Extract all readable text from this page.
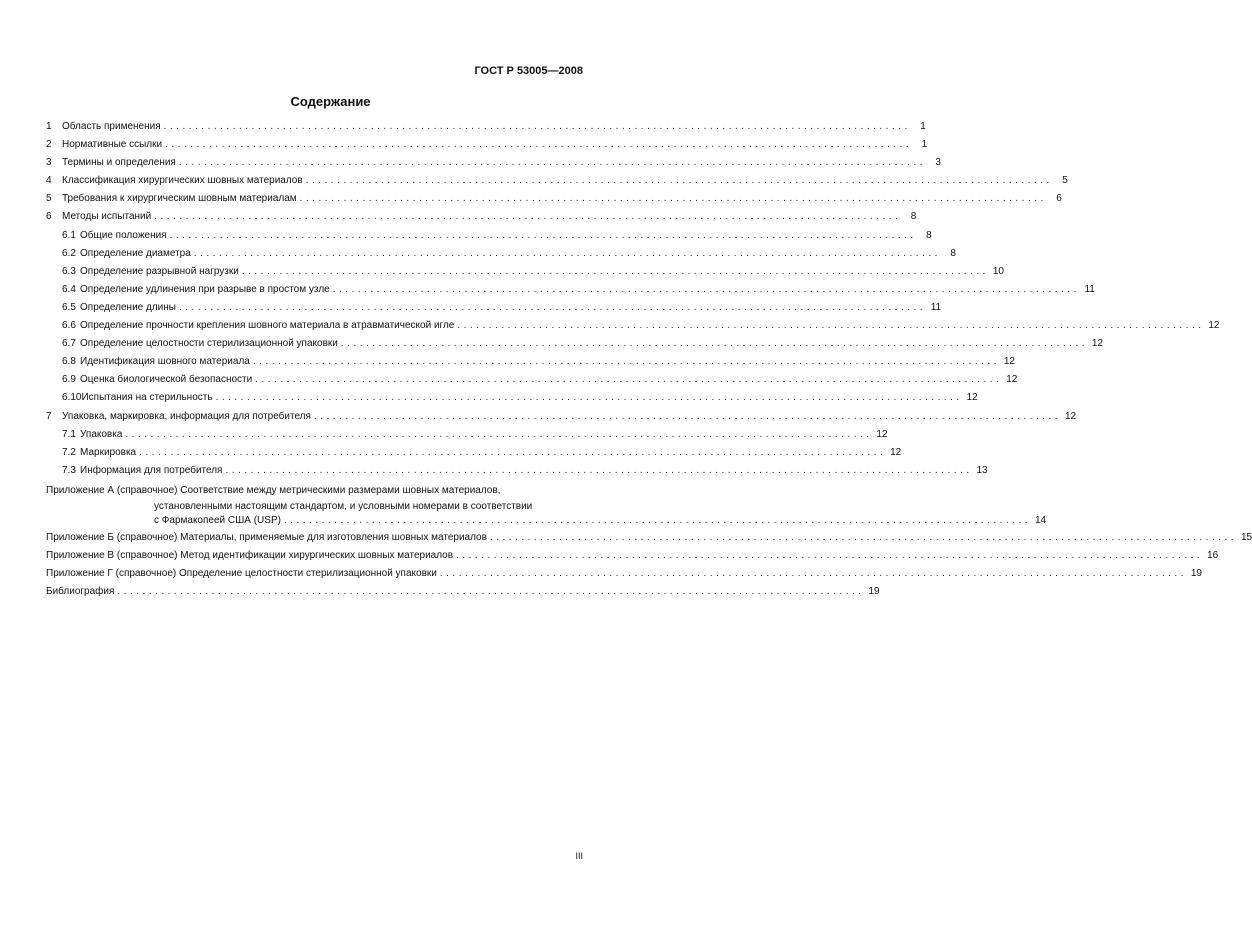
ГОСТ Р 53005—2008
Содержание
1 Область применения ....................................................................................................................... 1
2 Нормативные ссылки ....................................................................................................................... 1
3 Термины и определения ....................................................................................................................... 3
4 Классификация хирургических шовных материалов ....................................................................................................................... 5
5 Требования к хирургическим шовным материалам ....................................................................................................................... 6
6 Методы испытаний ....................................................................................................................... 8
6.1 Общие положения ....................................................................................................................... 8
6.2 Определение диаметра ....................................................................................................................... 8
6.3 Определение разрывной нагрузки ....................................................................................................................... 10
6.4 Определение удлинения при разрыве в простом узле ....................................................................................................................... 11
6.5 Определение длины ....................................................................................................................... 11
6.6 Определение прочности крепления шовного материала в атравматической игле ....................................................................................................................... 12
6.7 Определение целостности стерилизационной упаковки ....................................................................................................................... 12
6.8 Идентификация шовного материала ....................................................................................................................... 12
6.9 Оценка биологической безопасности ....................................................................................................................... 12
6.10Испытания на стерильность ....................................................................................................................... 12
7 Упаковка, маркировка, информация для потребителя ....................................................................................................................... 12
7.1 Упаковка ....................................................................................................................... 12
7.2 Маркировка ....................................................................................................................... 12
7.3 Информация для потребителя ....................................................................................................................... 13
Приложение А (справочное) Соответствие между метрическими размерами шовных материалов,
установленными настоящим стандартом, и условными номерами в соответствии
с Фармакопеей США (USP) ....................................................................................................................... 14
Приложение Б (справочное) Материалы, применяемые для изготовления шовных материалов ....................................................................................................................... 15
Приложение В (справочное) Метод идентификации хирургических шовных материалов ....................................................................................................................... 16
Приложение Г (справочное) Определение целостности стерилизационной упаковки ....................................................................................................................... 19
Библиография ....................................................................................................................... 19
III
